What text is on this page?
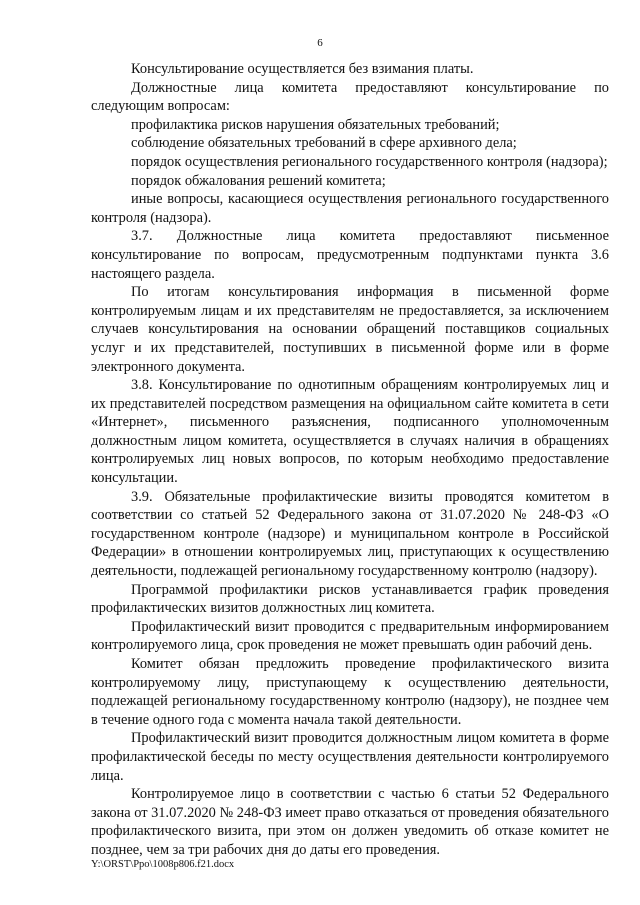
6

Консультирование осуществляется без взимания платы.

Должностные лица комитета предоставляют консультирование по следующим вопросам:

профилактика рисков нарушения обязательных требований;

соблюдение обязательных требований в сфере архивного дела;

порядок осуществления регионального государственного контроля (надзора);

порядок обжалования решений комитета;

иные вопросы, касающиеся осуществления регионального государственного контроля (надзора).

3.7. Должностные лица комитета предоставляют письменное консультирование по вопросам, предусмотренным подпунктами пункта 3.6 настоящего раздела.

По итогам консультирования информация в письменной форме контролируемым лицам и их представителям не предоставляется, за исключением случаев консультирования на основании обращений поставщиков социальных услуг и их представителей, поступивших в письменной форме или в форме электронного документа.

3.8. Консультирование по однотипным обращениям контролируемых лиц и их представителей посредством размещения на официальном сайте комитета в сети «Интернет», письменного разъяснения, подписанного уполномоченным должностным лицом комитета, осуществляется в случаях наличия в обращениях контролируемых лиц новых вопросов, по которым необходимо предоставление консультации.

3.9. Обязательные профилактические визиты проводятся комитетом в соответствии со статьей 52 Федерального закона от 31.07.2020 № 248-ФЗ «О государственном контроле (надзоре) и муниципальном контроле в Российской Федерации» в отношении контролируемых лиц, приступающих к осуществлению деятельности, подлежащей региональному государственному контролю (надзору).

Программой профилактики рисков устанавливается график проведения профилактических визитов должностных лиц комитета.

Профилактический визит проводится с предварительным информированием контролируемого лица, срок проведения не может превышать один рабочий день.

Комитет обязан предложить проведение профилактического визита контролируемому лицу, приступающему к осуществлению деятельности, подлежащей региональному государственному контролю (надзору), не позднее чем в течение одного года с момента начала такой деятельности.

Профилактический визит проводится должностным лицом комитета в форме профилактической беседы по месту осуществления деятельности контролируемого лица.

Контролируемое лицо в соответствии с частью 6 статьи 52 Федерального закона от 31.07.2020 № 248-ФЗ имеет право отказаться от проведения обязательного профилактического визита, при этом он должен уведомить об отказе комитет не позднее, чем за три рабочих дня до даты его проведения.

Y:\ORST\Ppo\1008p806.f21.docx
